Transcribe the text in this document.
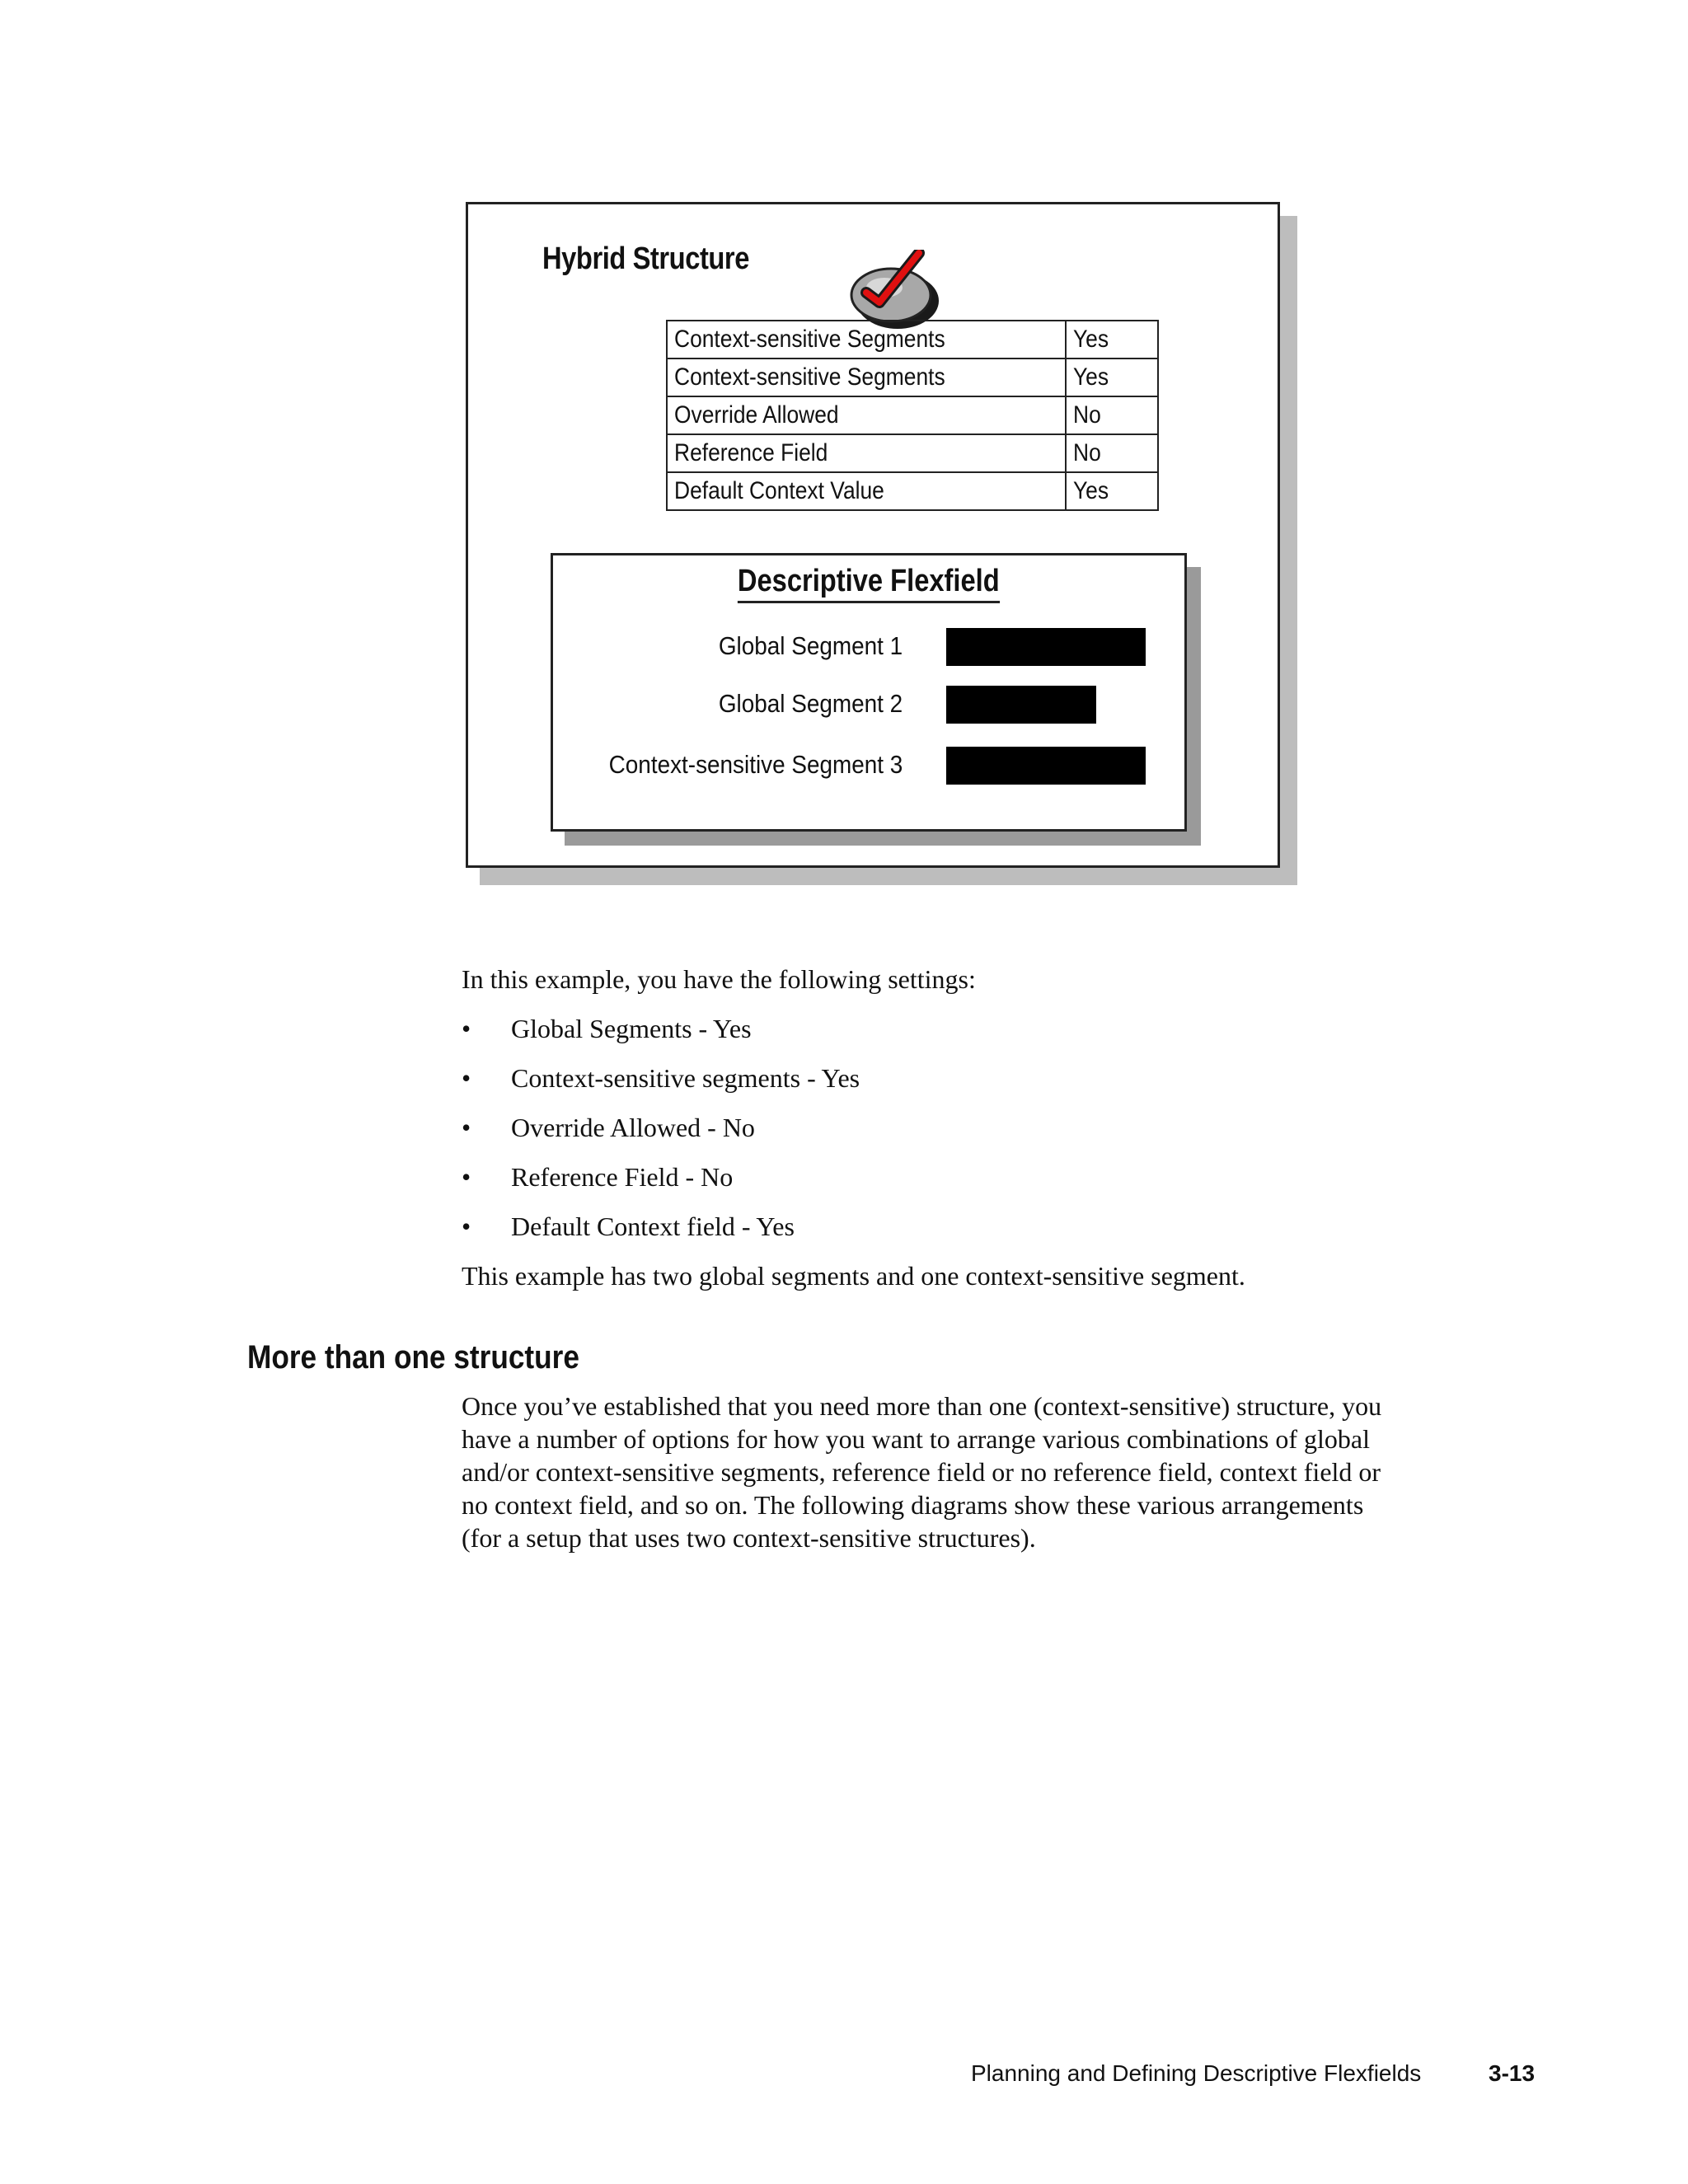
Hybrid Structure
Context-sensitive Segments	Yes
Context-sensitive Segments	Yes
Override Allowed	No
Reference Field	No
Default Context Value	Yes
Descriptive Flexfield
Global Segment 1
Global Segment 2
Context-sensitive Segment 3
In this example, you have the following settings:
• Global Segments - Yes
• Context-sensitive segments - Yes
• Override Allowed - No
• Reference Field - No
• Default Context field - Yes
This example has two global segments and one context-sensitive segment.
More than one structure
Once you’ve established that you need more than one (context-sensitive) structure, you
have a number of options for how you want to arrange various combinations of global
and/or context-sensitive segments, reference field or no reference field, context field or
no context field, and so on. The following diagrams show these various arrangements
(for a setup that uses two context-sensitive structures).
Planning and Defining Descriptive Flexfields	3-13
